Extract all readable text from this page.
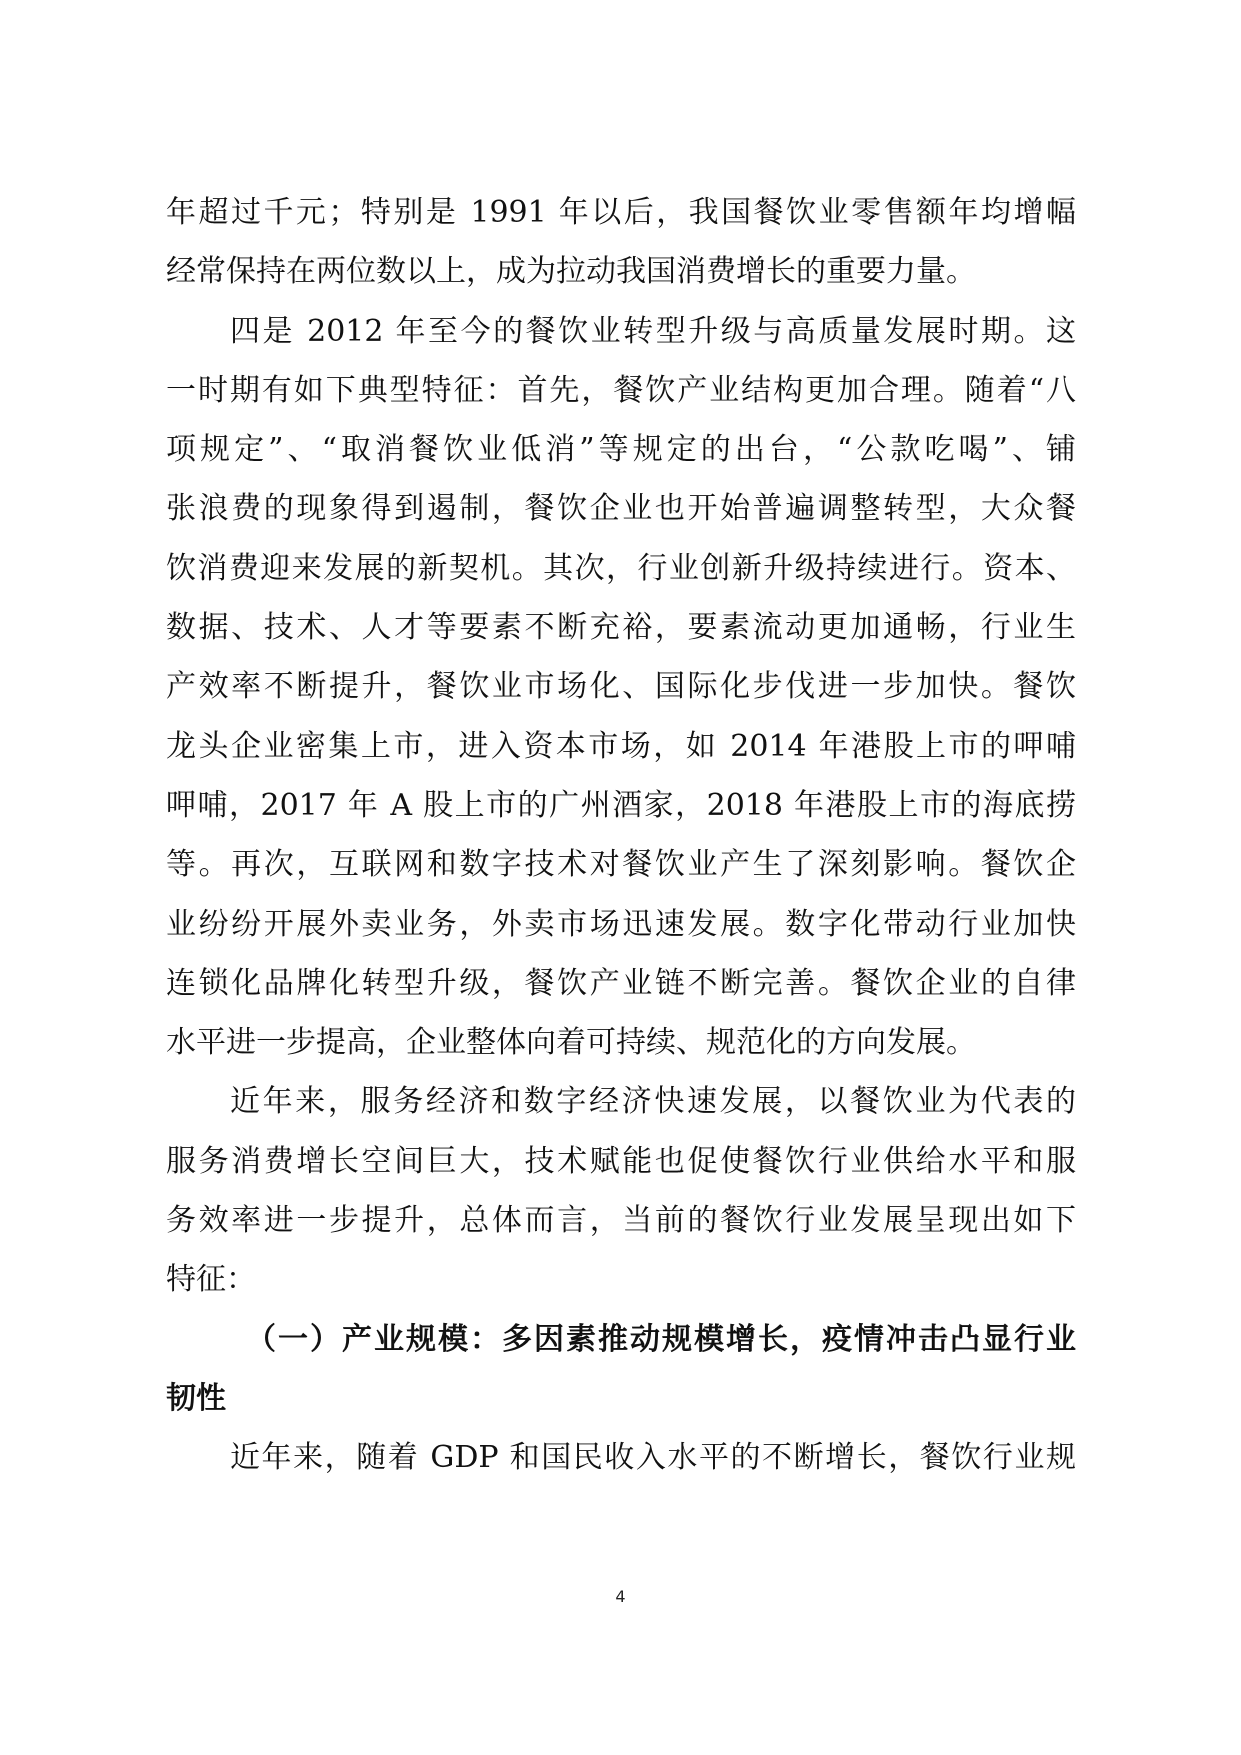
年超过千元；特别是 1991 年以后，我国餐饮业零售额年均增幅
经常保持在两位数以上，成为拉动我国消费增长的重要力量。
四是 2012 年至今的餐饮业转型升级与高质量发展时期。这
一时期有如下典型特征：首先，餐饮产业结构更加合理。随着“八
项规定”、“取消餐饮业低消”等规定的出台，“公款吃喝”、铺
张浪费的现象得到遏制，餐饮企业也开始普遍调整转型，大众餐
饮消费迎来发展的新契机。其次，行业创新升级持续进行。资本、
数据、技术、人才等要素不断充裕，要素流动更加通畅，行业生
产效率不断提升，餐饮业市场化、国际化步伐进一步加快。餐饮
龙头企业密集上市，进入资本市场，如 2014 年港股上市的呷哺
呷哺，2017 年 A 股上市的广州酒家，2018 年港股上市的海底捞
等。再次，互联网和数字技术对餐饮业产生了深刻影响。餐饮企
业纷纷开展外卖业务，外卖市场迅速发展。数字化带动行业加快
连锁化品牌化转型升级，餐饮产业链不断完善。餐饮企业的自律
水平进一步提高，企业整体向着可持续、规范化的方向发展。
近年来，服务经济和数字经济快速发展，以餐饮业为代表的
服务消费增长空间巨大，技术赋能也促使餐饮行业供给水平和服
务效率进一步提升，总体而言，当前的餐饮行业发展呈现出如下
特征：
（一）产业规模：多因素推动规模增长，疫情冲击凸显行业
韧性
近年来，随着 GDP 和国民收入水平的不断增长，餐饮行业规
4
